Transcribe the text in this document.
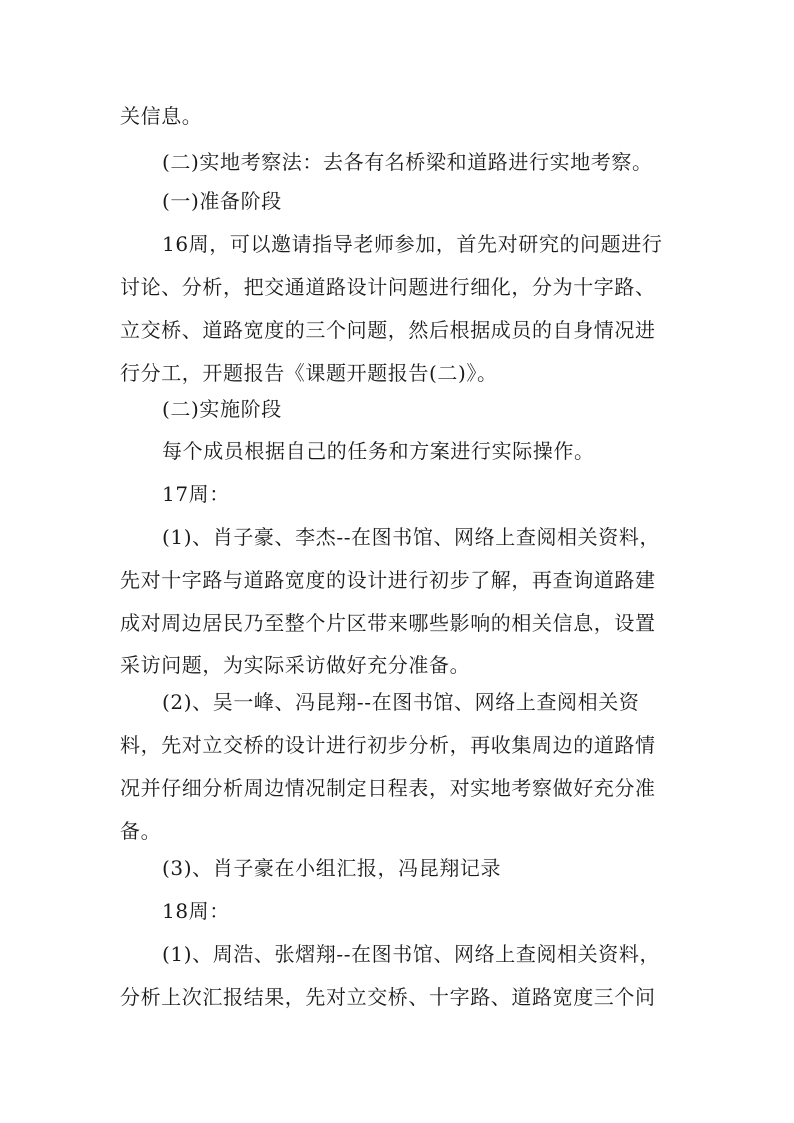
关信息。
(二)实地考察法：去各有名桥梁和道路进行实地考察。
(一)准备阶段
16周，可以邀请指导老师参加，首先对研究的问题进行
讨论、分析，把交通道路设计问题进行细化，分为十字路、
立交桥、道路宽度的三个问题，然后根据成员的自身情况进
行分工，开题报告《课题开题报告(二)》。
(二)实施阶段
每个成员根据自己的任务和方案进行实际操作。
17周：
(1)、肖子豪、李杰--在图书馆、网络上查阅相关资料，
先对十字路与道路宽度的设计进行初步了解，再查询道路建
成对周边居民乃至整个片区带来哪些影响的相关信息，设置
采访问题，为实际采访做好充分准备。
(2)、吴一峰、冯昆翔--在图书馆、网络上查阅相关资
料，先对立交桥的设计进行初步分析，再收集周边的道路情
况并仔细分析周边情况制定日程表，对实地考察做好充分准
备。
(3)、肖子豪在小组汇报，冯昆翔记录
18周：
(1)、周浩、张熠翔--在图书馆、网络上查阅相关资料，
分析上次汇报结果，先对立交桥、十字路、道路宽度三个问
